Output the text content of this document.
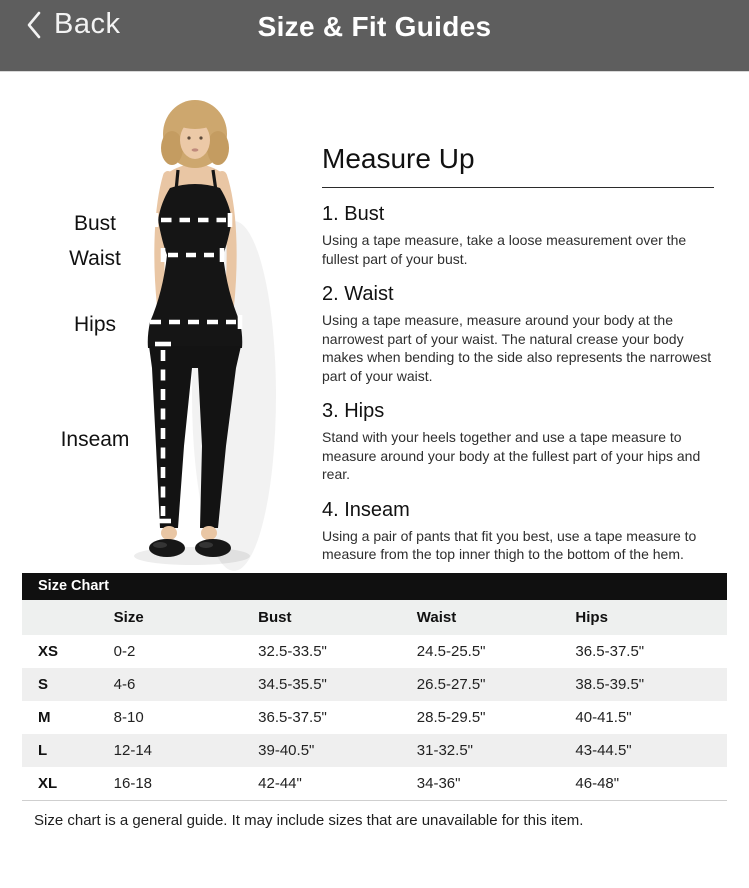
Back	Size & Fit Guides
Bust
Waist
Hips
Inseam
Measure Up
1. Bust

Using a tape measure, take a loose measurement over the fullest part of your bust.

2. Waist

Using a tape measure, measure around your body at the narrowest part of your waist. The natural crease your body makes when bending to the side also represents the narrowest part of your waist.

3. Hips

Stand with your heels together and use a tape measure to measure around your body at the fullest part of your hips and rear.

4. Inseam

Using a pair of pants that fit you best, use a tape measure to measure from the top inner thigh to the bottom of the hem.

Size Chart
	Size	Bust	Waist	Hips
XS	0-2	32.5-33.5"	24.5-25.5"	36.5-37.5"
S	4-6	34.5-35.5"	26.5-27.5"	38.5-39.5"
M	8-10	36.5-37.5"	28.5-29.5"	40-41.5"
L	12-14	39-40.5"	31-32.5"	43-44.5"
XL	16-18	42-44"	34-36"	46-48"
Size chart is a general guide. It may include sizes that are unavailable for this item.
